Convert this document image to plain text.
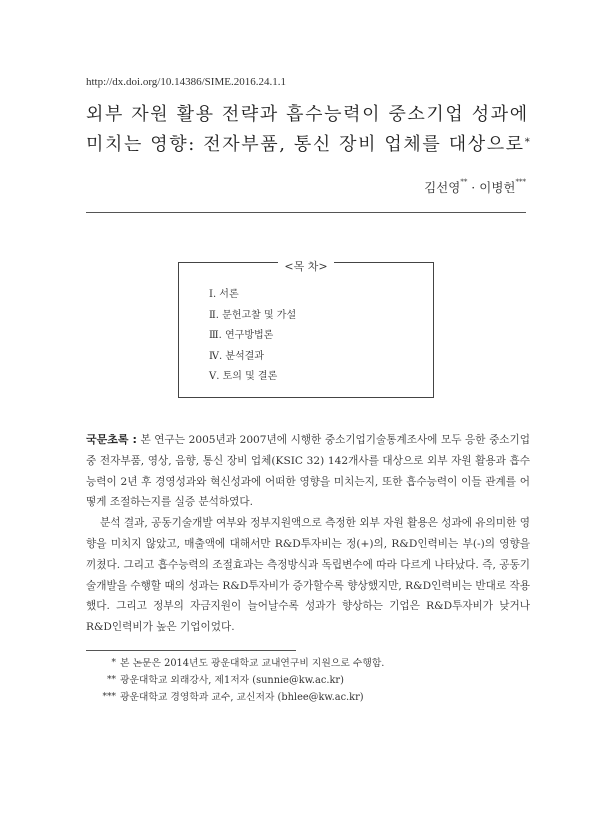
http://dx.doi.org/10.14386/SIME.2016.24.1.1
외부 자원 활용 전략과 흡수능력이 중소기업 성과에
미치는 영향: 전자부품, 통신 장비 업체를 대상으로*
김선영** · 이병헌***
<목 차>
Ⅰ. 서론
Ⅱ. 문헌고찰 및 가설
Ⅲ. 연구방법론
Ⅳ. 분석결과
Ⅴ. 토의 및 결론

국문초록 : 본 연구는 2005년과 2007년에 시행한 중소기업기술통계조사에 모두 응한 중소기업 중 전자부품, 영상, 음향, 통신 장비 업체(KSIC 32) 142개사를 대상으로 외부 자원 활용과 흡수능력이 2년 후 경영성과와 혁신성과에 어떠한 영향을 미치는지, 또한 흡수능력이 이들 관계를 어떻게 조절하는지를 실증 분석하였다.

분석 결과, 공동기술개발 여부와 정부지원액으로 측정한 외부 자원 활용은 성과에 유의미한 영향을 미치지 않았고, 매출액에 대해서만 R&D투자비는 정(+)의, R&D인력비는 부(-)의 영향을 끼쳤다. 그리고 흡수능력의 조절효과는 측정방식과 독립변수에 따라 다르게 나타났다. 즉, 공동기술개발을 수행할 때의 성과는 R&D투자비가 증가할수록 향상했지만, R&D인력비는 반대로 작용했다. 그리고 정부의 자금지원이 늘어날수록 성과가 향상하는 기업은 R&D투자비가 낮거나 R&D인력비가 높은 기업이었다.

* 본 논문은 2014년도 광운대학교 교내연구비 지원으로 수행함.
** 광운대학교 외래강사, 제1저자 (sunnie@kw.ac.kr)
*** 광운대학교 경영학과 교수, 교신저자 (bhlee@kw.ac.kr)
